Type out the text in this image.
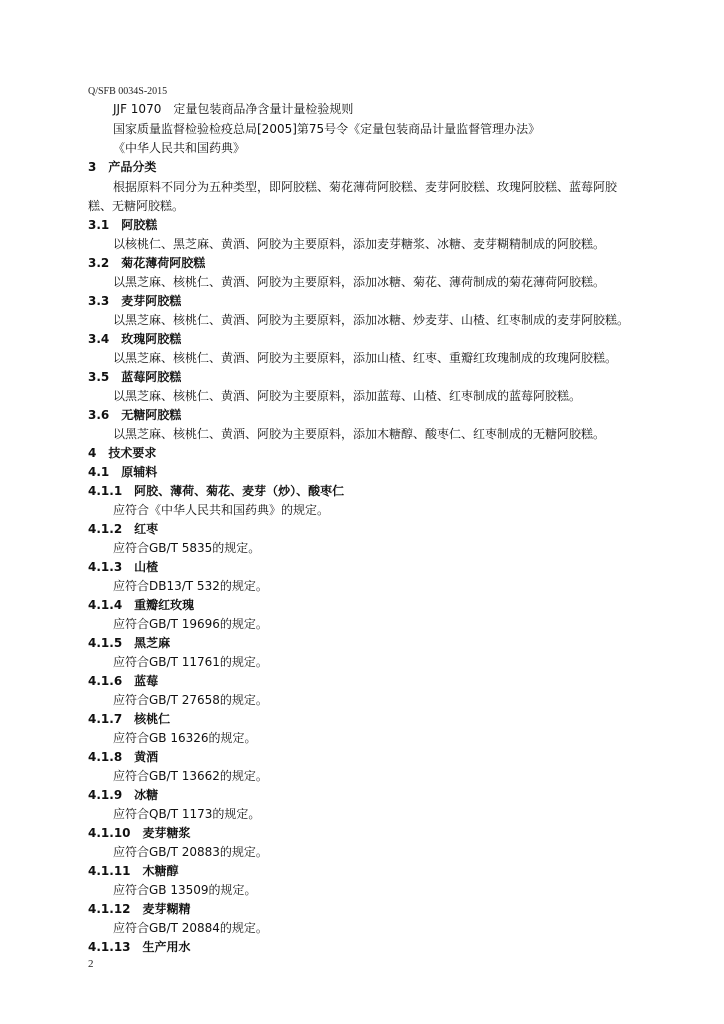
Q/SFB 0034S-2015
JJF 1070　定量包装商品净含量计量检验规则
国家质量监督检验检疫总局[2005]第75号令《定量包装商品计量监督管理办法》
《中华人民共和国药典》
3　产品分类
根据原料不同分为五种类型，即阿胶糕、菊花薄荷阿胶糕、麦芽阿胶糕、玫瑰阿胶糕、蓝莓阿胶
糕、无糖阿胶糕。
3.1　阿胶糕
以核桃仁、黑芝麻、黄酒、阿胶为主要原料，添加麦芽糖浆、冰糖、麦芽糊精制成的阿胶糕。
3.2　菊花薄荷阿胶糕
以黑芝麻、核桃仁、黄酒、阿胶为主要原料，添加冰糖、菊花、薄荷制成的菊花薄荷阿胶糕。
3.3　麦芽阿胶糕
以黑芝麻、核桃仁、黄酒、阿胶为主要原料，添加冰糖、炒麦芽、山楂、红枣制成的麦芽阿胶糕。
3.4　玫瑰阿胶糕
以黑芝麻、核桃仁、黄酒、阿胶为主要原料，添加山楂、红枣、重瓣红玫瑰制成的玫瑰阿胶糕。
3.5　蓝莓阿胶糕
以黑芝麻、核桃仁、黄酒、阿胶为主要原料，添加蓝莓、山楂、红枣制成的蓝莓阿胶糕。
3.6　无糖阿胶糕
以黑芝麻、核桃仁、黄酒、阿胶为主要原料，添加木糖醇、酸枣仁、红枣制成的无糖阿胶糕。
4　技术要求
4.1　原辅料
4.1.1　阿胶、薄荷、菊花、麦芽（炒）、酸枣仁
应符合《中华人民共和国药典》的规定。
4.1.2　红枣
应符合GB/T 5835的规定。
4.1.3　山楂
应符合DB13/T 532的规定。
4.1.4　重瓣红玫瑰
应符合GB/T 19696的规定。
4.1.5　黑芝麻
应符合GB/T 11761的规定。
4.1.6　蓝莓
应符合GB/T 27658的规定。
4.1.7　核桃仁
应符合GB 16326的规定。
4.1.8　黄酒
应符合GB/T 13662的规定。
4.1.9　冰糖
应符合QB/T 1173的规定。
4.1.10　麦芽糖浆
应符合GB/T 20883的规定。
4.1.11　木糖醇
应符合GB 13509的规定。
4.1.12　麦芽糊精
应符合GB/T 20884的规定。
4.1.13　生产用水
2
